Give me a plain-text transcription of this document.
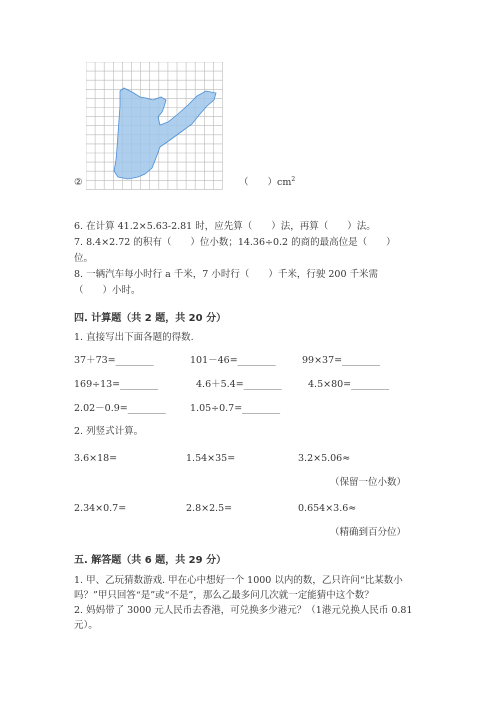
②	（　　）$cm^2$
6. 在计算 41.2×5.63-2.81 时，应先算（　　）法，再算（　　）法。
7. 8.4×2.72 的积有（　　）位小数；14.36÷0.2 的商的最高位是（　　）
位。
8. 一辆汽车每小时行 a 千米，7 小时行（　　）千米，行驶 200 千米需
（　　）小时。
四. 计算题（共 2 题，共 20 分）
1. 直接写出下面各题的得数.
37＋73=________	101－46=________	99×37=________
169÷13=________	4.6＋5.4=________	4.5×80=________
2.02－0.9=________	1.05÷0.7=________
2. 列竖式计算。
3.6×18=	1.54×35=	3.2×5.06≈
（保留一位小数）
2.34×0.7=	2.8×2.5=	0.654×3.6≈
（精确到百分位）
五. 解答题（共 6 题，共 29 分）
1. 甲、乙玩猜数游戏. 甲在心中想好一个 1000 以内的数，乙只许问“比某数小
吗？”甲只回答“是”或“不是”，那么乙最多问几次就一定能猜中这个数？
2. 妈妈带了 3000 元人民币去香港，可兑换多少港元？（1港元兑换人民币 0.81
元）。
